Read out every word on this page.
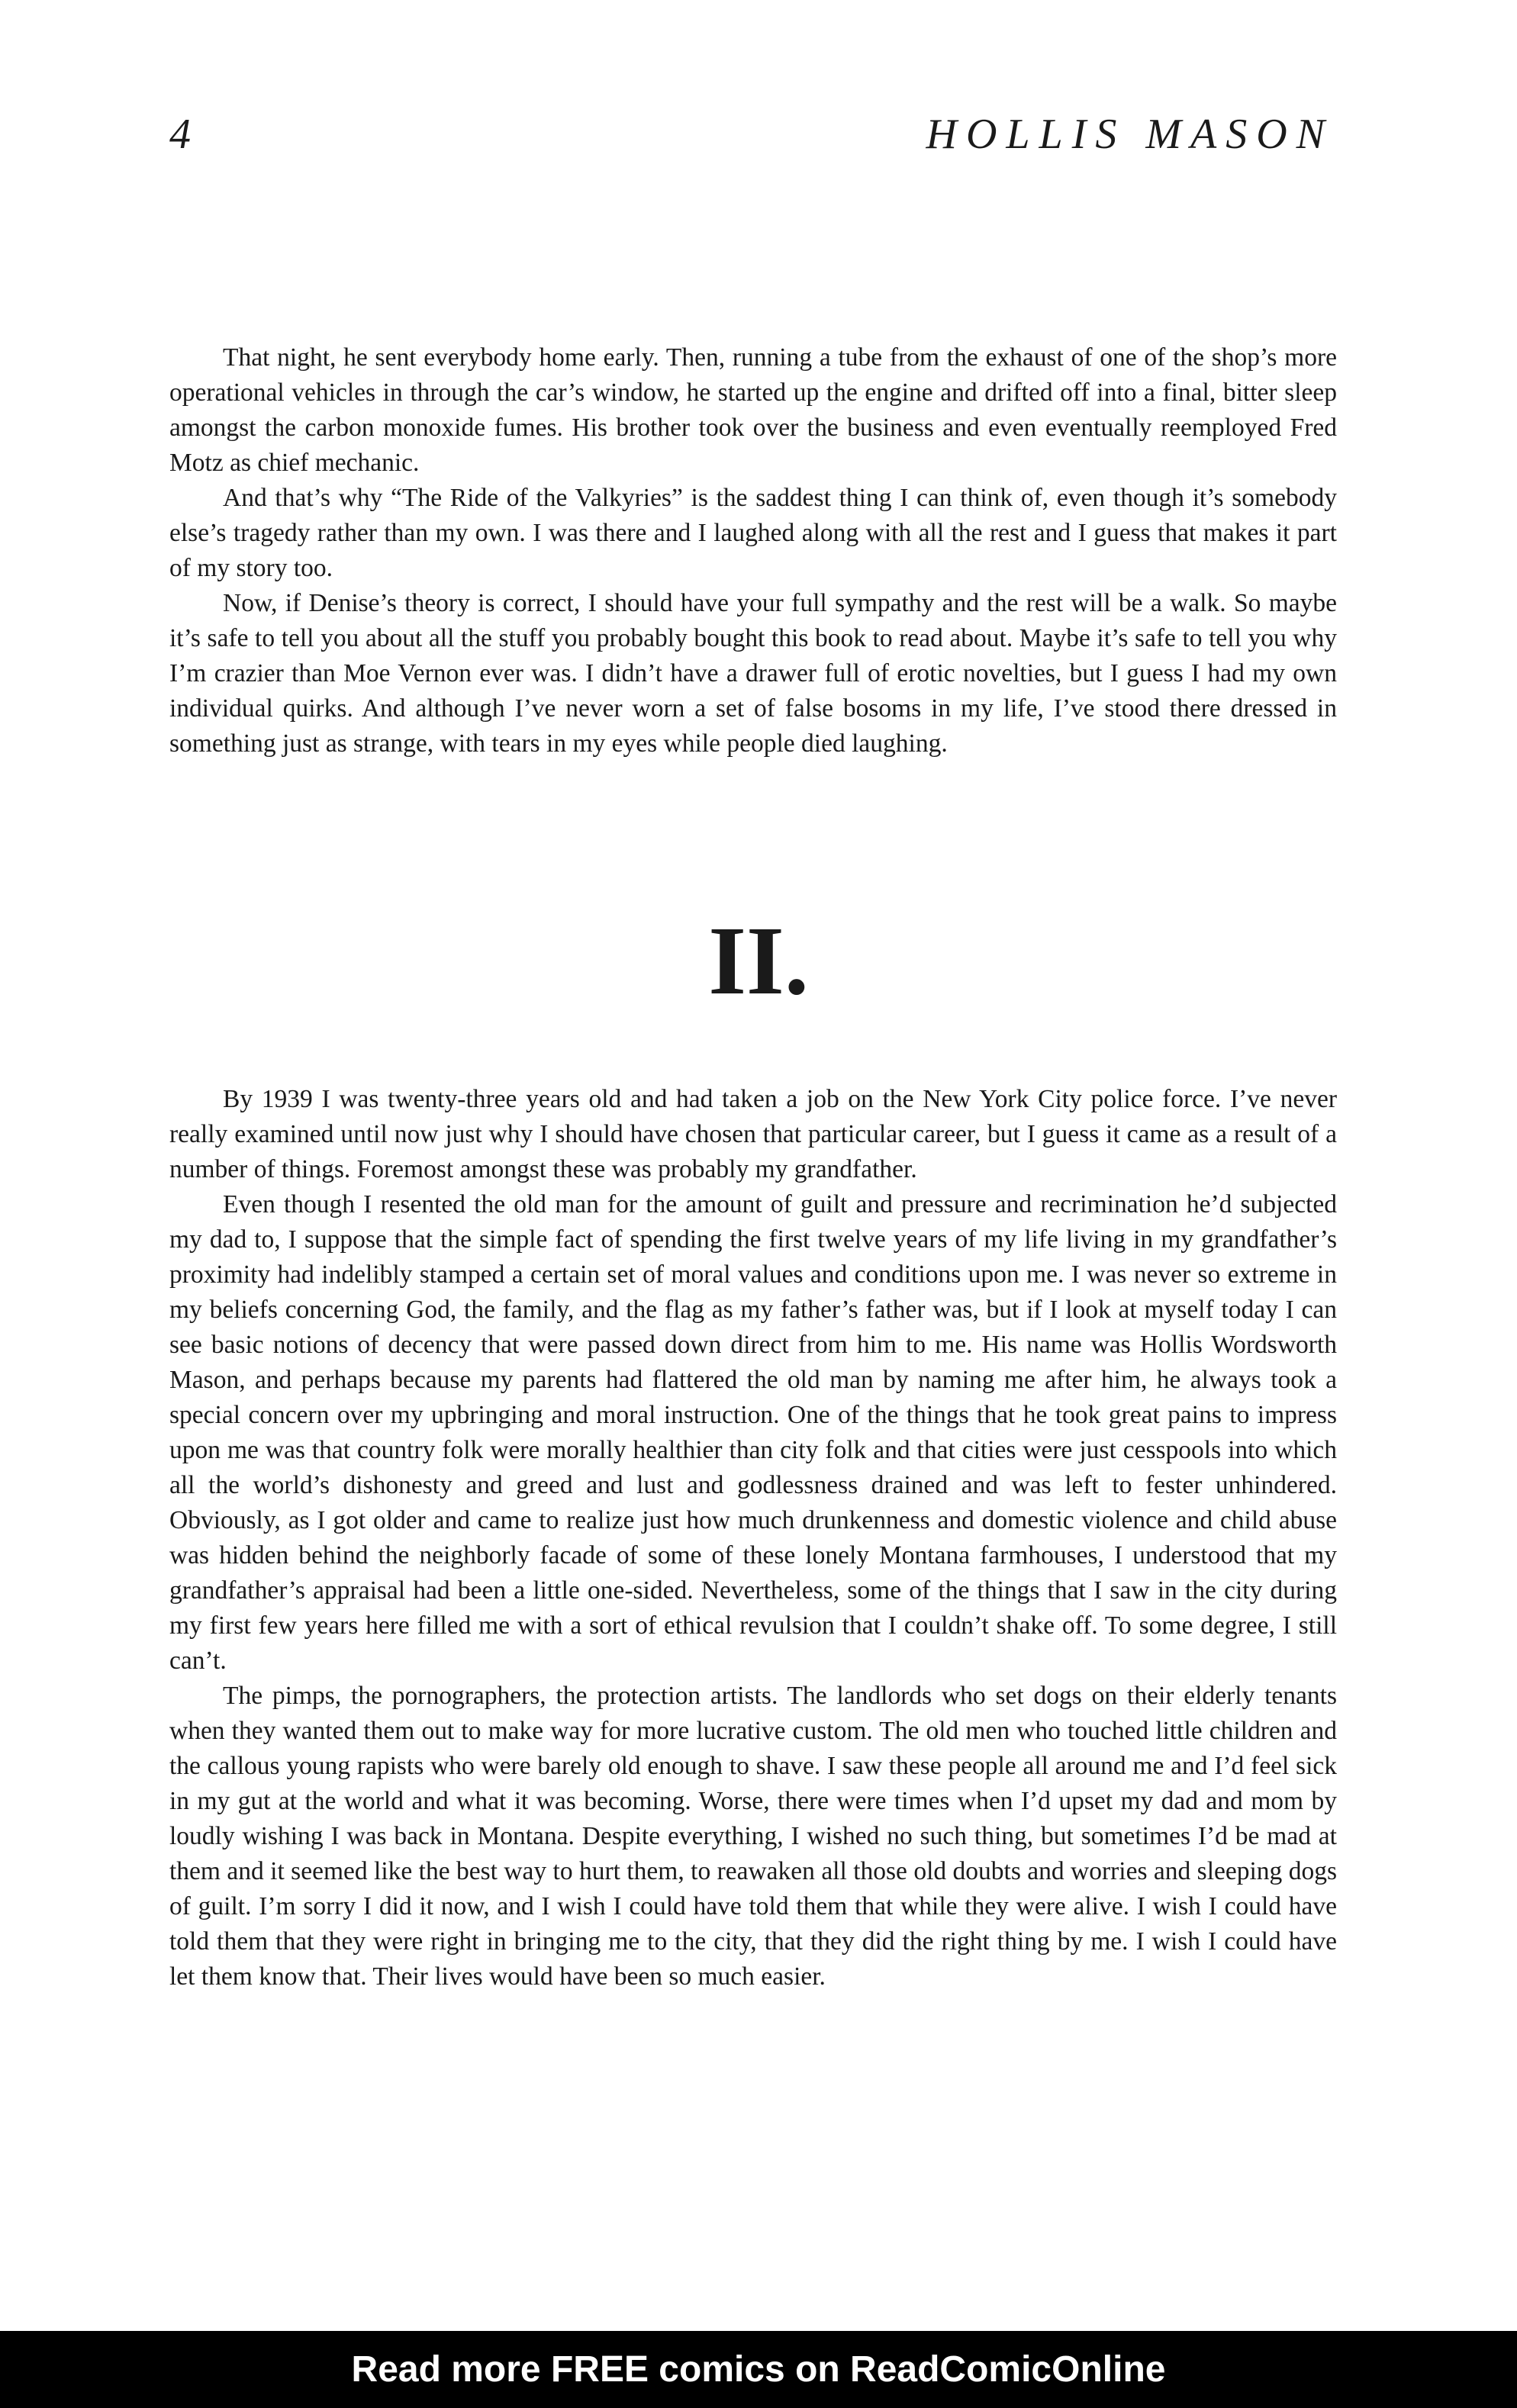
4	HOLLIS MASON

That night, he sent everybody home early. Then, running a tube from the exhaust of one of the shop’s more operational vehicles in through the car’s window, he started up the engine and drifted off into a final, bitter sleep amongst the carbon monoxide fumes. His brother took over the business and even eventually reemployed Fred Motz as chief mechanic.

And that’s why “The Ride of the Valkyries” is the saddest thing I can think of, even though it’s somebody else’s tragedy rather than my own. I was there and I laughed along with all the rest and I guess that makes it part of my story too.

Now, if Denise’s theory is correct, I should have your full sympathy and the rest will be a walk. So maybe it’s safe to tell you about all the stuff you probably bought this book to read about. Maybe it’s safe to tell you why I’m crazier than Moe Vernon ever was. I didn’t have a drawer full of erotic novelties, but I guess I had my own individual quirks. And although I’ve never worn a set of false bosoms in my life, I’ve stood there dressed in something just as strange, with tears in my eyes while people died laughing.

II.

By 1939 I was twenty-three years old and had taken a job on the New York City police force. I’ve never really examined until now just why I should have chosen that particular career, but I guess it came as a result of a number of things. Foremost amongst these was probably my grandfather.

Even though I resented the old man for the amount of guilt and pressure and recrimination he’d subjected my dad to, I suppose that the simple fact of spending the first twelve years of my life living in my grandfather’s proximity had indelibly stamped a certain set of moral values and conditions upon me. I was never so extreme in my beliefs concerning God, the family, and the flag as my father’s father was, but if I look at myself today I can see basic notions of decency that were passed down direct from him to me. His name was Hollis Wordsworth Mason, and perhaps because my parents had flattered the old man by naming me after him, he always took a special concern over my upbringing and moral instruction. One of the things that he took great pains to impress upon me was that country folk were morally healthier than city folk and that cities were just cesspools into which all the world’s dishonesty and greed and lust and godlessness drained and was left to fester unhindered. Obviously, as I got older and came to realize just how much drunkenness and domestic violence and child abuse was hidden behind the neighborly facade of some of these lonely Montana farmhouses, I understood that my grandfather’s appraisal had been a little one-sided. Nevertheless, some of the things that I saw in the city during my first few years here filled me with a sort of ethical revulsion that I couldn’t shake off. To some degree, I still can’t.

The pimps, the pornographers, the protection artists. The landlords who set dogs on their elderly tenants when they wanted them out to make way for more lucrative custom. The old men who touched little children and the callous young rapists who were barely old enough to shave. I saw these people all around me and I’d feel sick in my gut at the world and what it was becoming. Worse, there were times when I’d upset my dad and mom by loudly wishing I was back in Montana. Despite everything, I wished no such thing, but sometimes I’d be mad at them and it seemed like the best way to hurt them, to reawaken all those old doubts and worries and sleeping dogs of guilt. I’m sorry I did it now, and I wish I could have told them that while they were alive. I wish I could have told them that they were right in bringing me to the city, that they did the right thing by me. I wish I could have let them know that. Their lives would have been so much easier.

Read more FREE comics on ReadComicOnline
